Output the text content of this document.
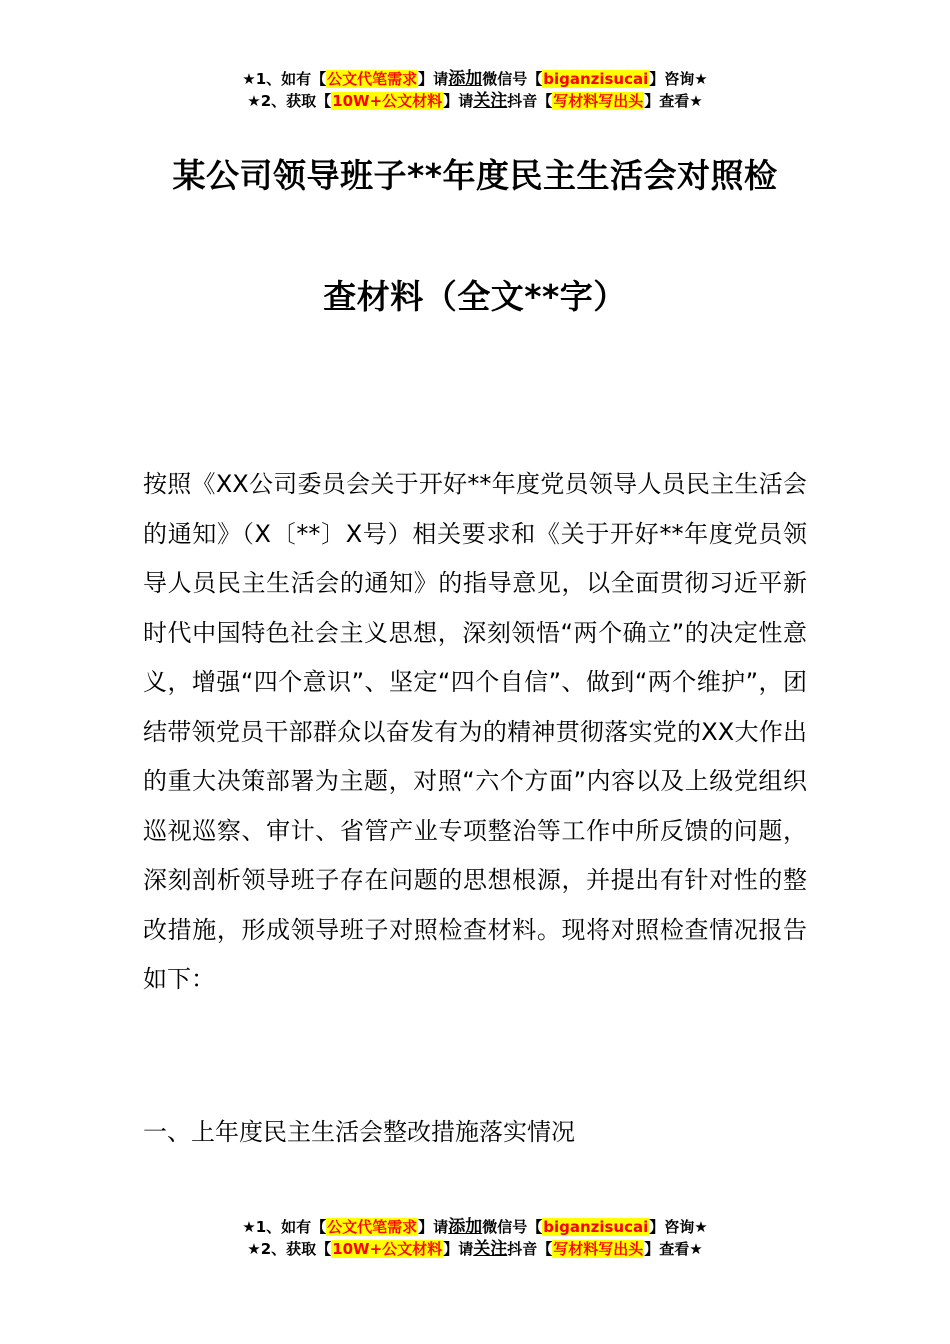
★1、如有【公文代笔需求】请添加微信号【biganzisucai】咨询★
★2、获取【10W+公文材料】请关注抖音【写材料写出头】查看★
某公司领导班子**年度民主生活会对照检
查材料（全文**字）

按照《XX公司委员会关于开好**年度党员领导人员民主生活会的通知》（X〔**〕X号）相关要求和《关于开好**年度党员领导人员民主生活会的通知》的指导意见，以全面贯彻习近平新时代中国特色社会主义思想，深刻领悟“两个确立”的决定性意义，增强“四个意识”、坚定“四个自信”、做到“两个维护”，团结带领党员干部群众以奋发有为的精神贯彻落实党的XX大作出的重大决策部署为主题，对照“六个方面”内容以及上级党组织巡视巡察、审计、省管产业专项整治等工作中所反馈的问题，深刻剖析领导班子存在问题的思想根源，并提出有针对性的整改措施，形成领导班子对照检查材料。现将对照检查情况报告如下：

一、上年度民主生活会整改措施落实情况

★1、如有【公文代笔需求】请添加微信号【biganzisucai】咨询★
★2、获取【10W+公文材料】请关注抖音【写材料写出头】查看★
